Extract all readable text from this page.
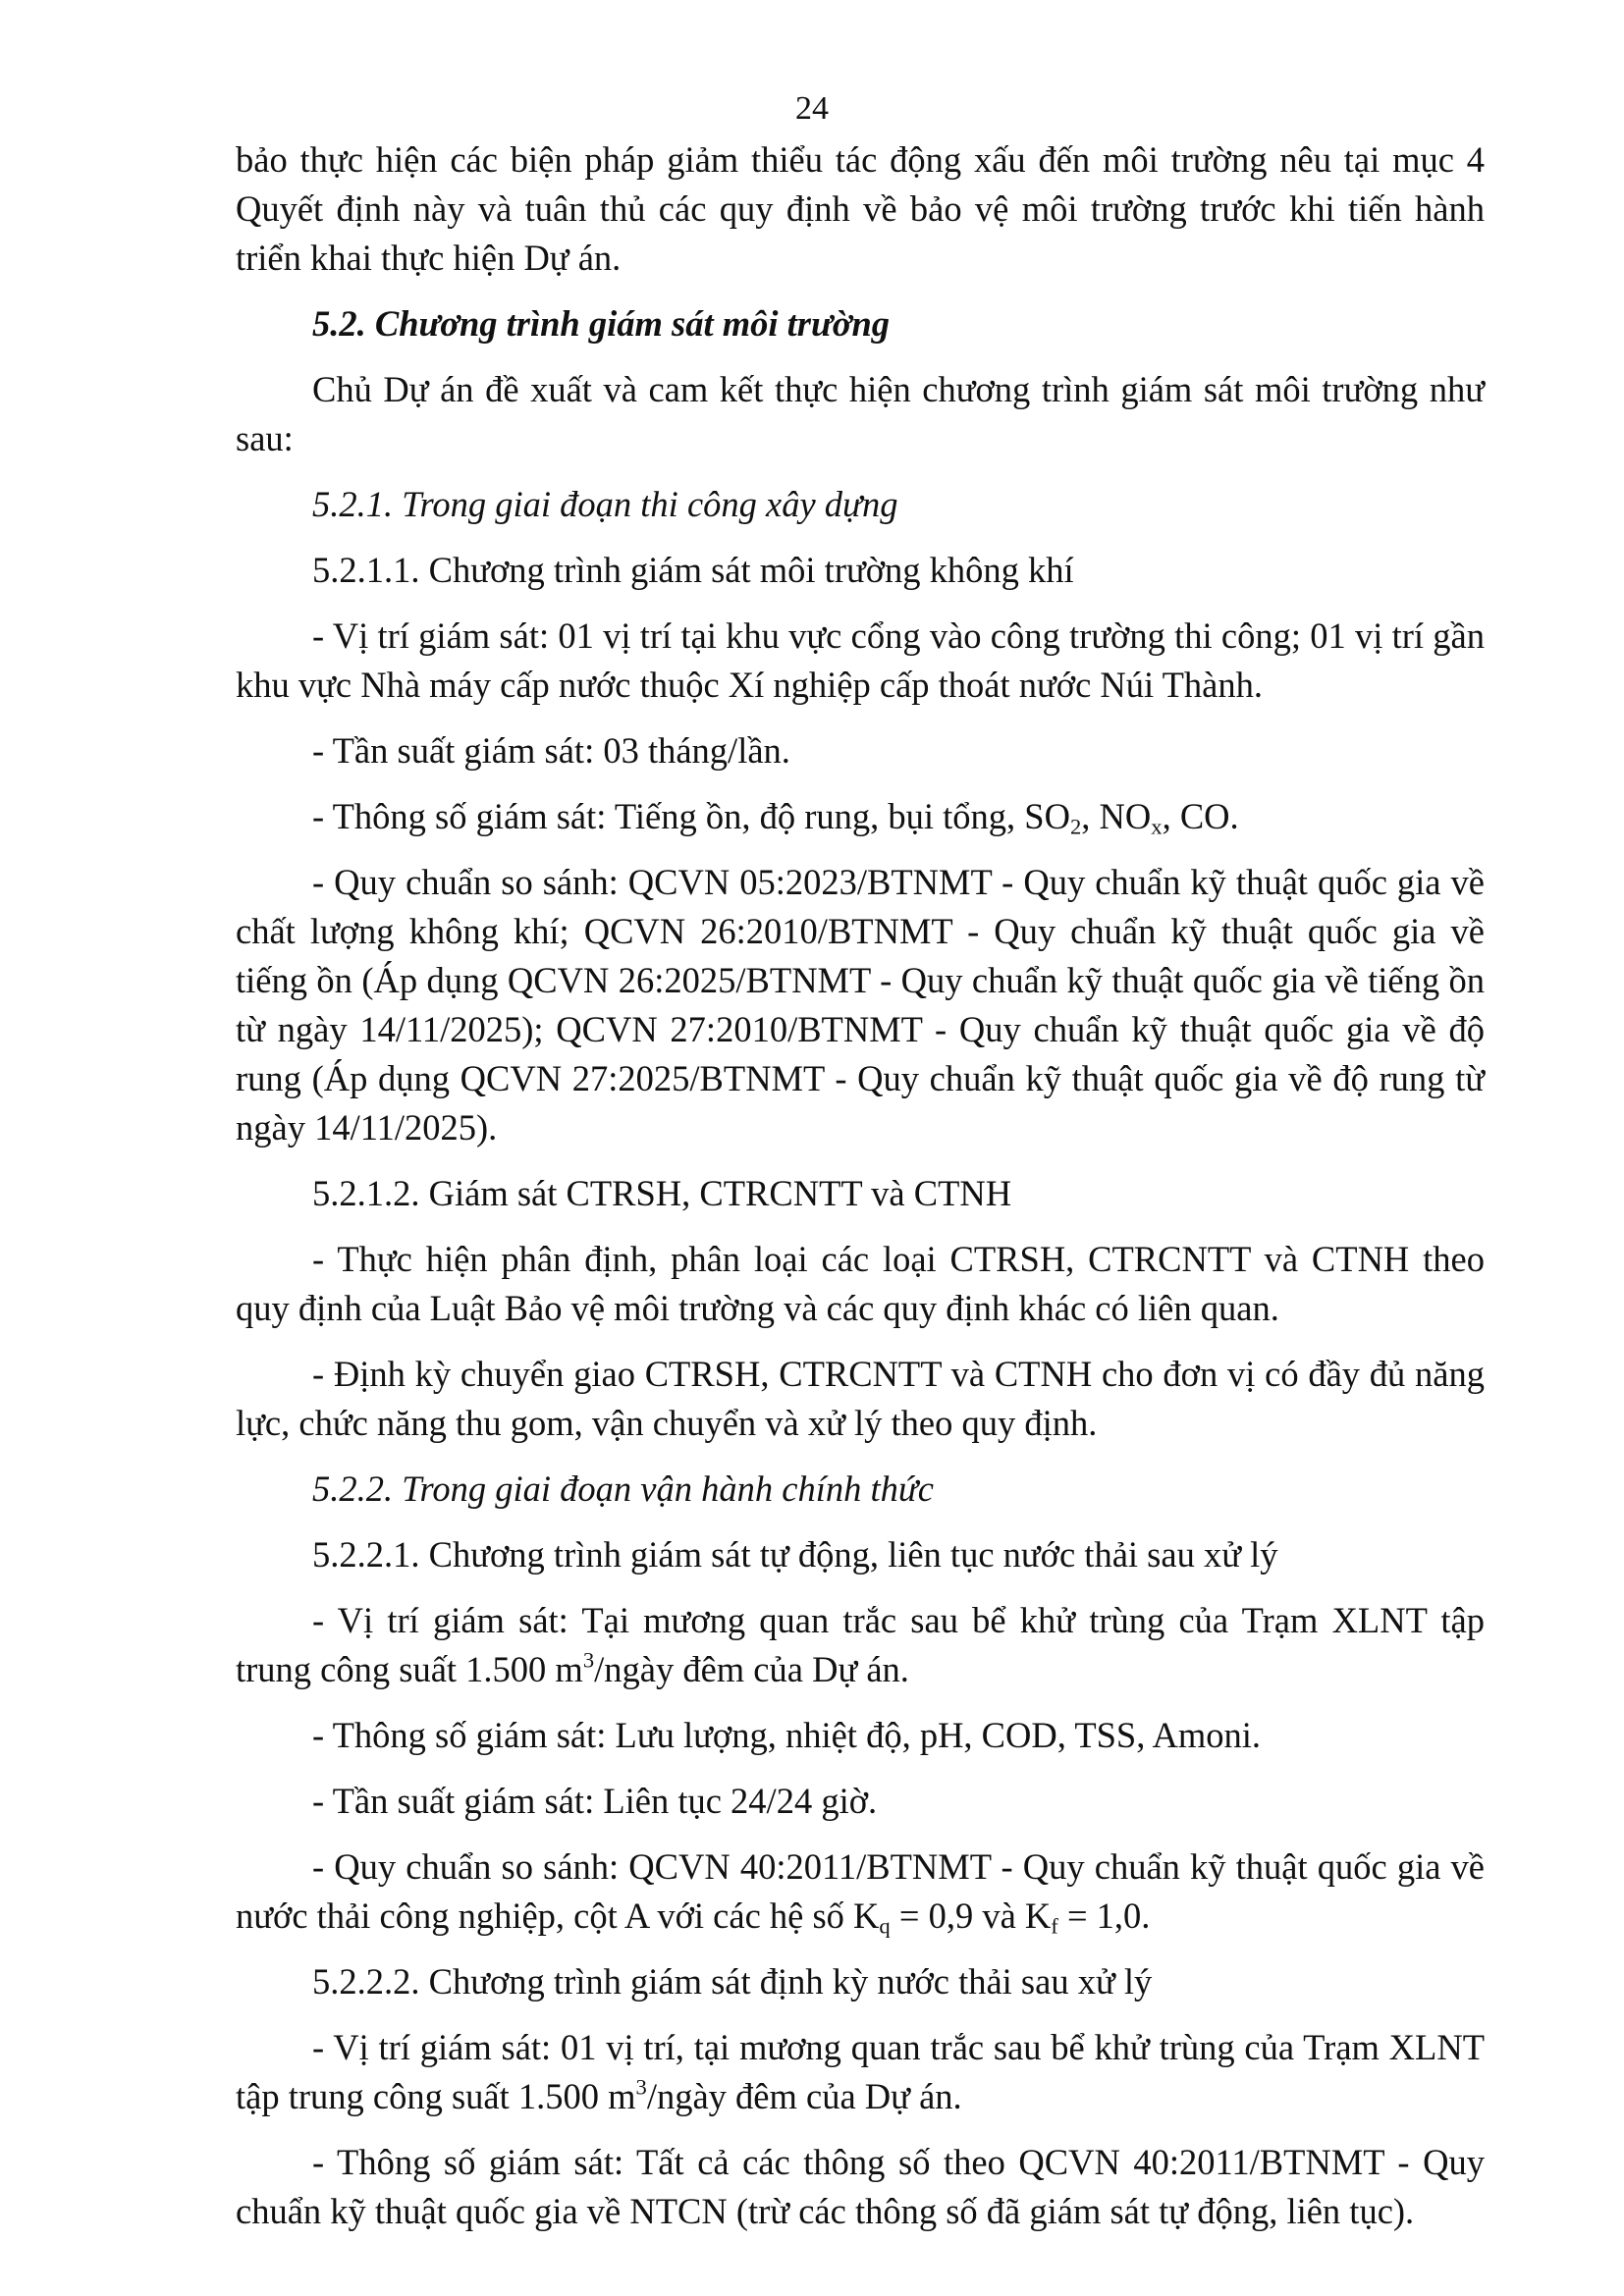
24

bảo thực hiện các biện pháp giảm thiểu tác động xấu đến môi trường nêu tại mục 4 Quyết định này và tuân thủ các quy định về bảo vệ môi trường trước khi tiến hành triển khai thực hiện Dự án.

5.2. Chương trình giám sát môi trường

Chủ Dự án đề xuất và cam kết thực hiện chương trình giám sát môi trường như sau:

5.2.1. Trong giai đoạn thi công xây dựng

5.2.1.1. Chương trình giám sát môi trường không khí

- Vị trí giám sát: 01 vị trí tại khu vực cổng vào công trường thi công; 01 vị trí gần khu vực Nhà máy cấp nước thuộc Xí nghiệp cấp thoát nước Núi Thành.

- Tần suất giám sát: 03 tháng/lần.

- Thông số giám sát: Tiếng ồn, độ rung, bụi tổng, $SO_2$, $NO_x$, CO.

- Quy chuẩn so sánh: QCVN 05:2023/BTNMT - Quy chuẩn kỹ thuật quốc gia về chất lượng không khí; QCVN 26:2010/BTNMT - Quy chuẩn kỹ thuật quốc gia về tiếng ồn (Áp dụng QCVN 26:2025/BTNMT - Quy chuẩn kỹ thuật quốc gia về tiếng ồn từ ngày 14/11/2025); QCVN 27:2010/BTNMT - Quy chuẩn kỹ thuật quốc gia về độ rung (Áp dụng QCVN 27:2025/BTNMT - Quy chuẩn kỹ thuật quốc gia về độ rung từ ngày 14/11/2025).

5.2.1.2. Giám sát CTRSH, CTRCNTT và CTNH

- Thực hiện phân định, phân loại các loại CTRSH, CTRCNTT và CTNH theo quy định của Luật Bảo vệ môi trường và các quy định khác có liên quan.

- Định kỳ chuyển giao CTRSH, CTRCNTT và CTNH cho đơn vị có đầy đủ năng lực, chức năng thu gom, vận chuyển và xử lý theo quy định.

5.2.2. Trong giai đoạn vận hành chính thức

5.2.2.1. Chương trình giám sát tự động, liên tục nước thải sau xử lý

- Vị trí giám sát: Tại mương quan trắc sau bể khử trùng của Trạm XLNT tập trung công suất 1.500 $m^3$/ngày đêm của Dự án.

- Thông số giám sát: Lưu lượng, nhiệt độ, pH, COD, TSS, Amoni.

- Tần suất giám sát: Liên tục 24/24 giờ.

- Quy chuẩn so sánh: QCVN 40:2011/BTNMT - Quy chuẩn kỹ thuật quốc gia về nước thải công nghiệp, cột A với các hệ số $K_q = 0,9$ và $K_f = 1,0$.

5.2.2.2. Chương trình giám sát định kỳ nước thải sau xử lý

- Vị trí giám sát: 01 vị trí, tại mương quan trắc sau bể khử trùng của Trạm XLNT tập trung công suất 1.500 $m^3$/ngày đêm của Dự án.

- Thông số giám sát: Tất cả các thông số theo QCVN 40:2011/BTNMT - Quy chuẩn kỹ thuật quốc gia về NTCN (trừ các thông số đã giám sát tự động, liên tục).
